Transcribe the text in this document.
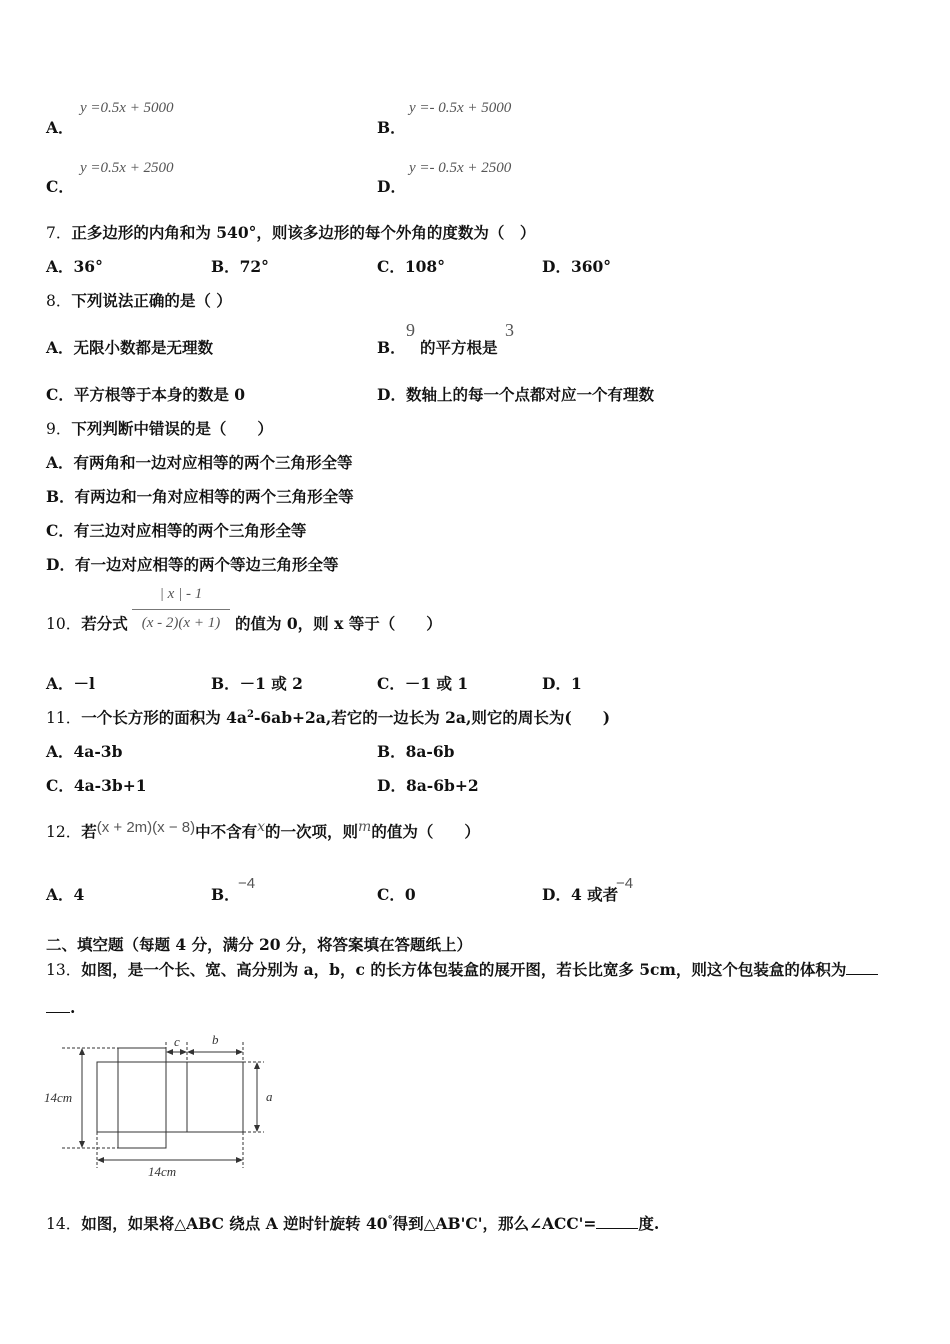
A．
y =0.5x + 5000
B．
y =- 0.5x + 5000
C．
y =0.5x + 2500
D．
y =- 0.5x + 2500
7．正多边形的内角和为 540°，则该多边形的每个外角的度数为（　）
A．36°	B．72°	C．108°	D．360°
8．下列说法正确的是（ ）
A．无限小数都是无理数	B．
9
的平方根是
3
C．平方根等于本身的数是 0	D．数轴上的每一个点都对应一个有理数
9．下列判断中错误的是（　　）
A．有两角和一边对应相等的两个三角形全等
B．有两边和一角对应相等的两个三角形全等
C．有三边对应相等的两个三角形全等
D．有一边对应相等的两个等边三角形全等
10．若分式
| x | - 1
(x - 2)(x + 1) 的值为 0，则 x 等于（　　）
A．－l	B．－1 或 2	C．－1 或 1	D．1
11．一个长方形的面积为 $4a^2-6ab+2a$,若它的一边长为 2a,则它的周长为(　　)
A．4a-3b	B．8a-6b
C．4a-3b+1	D．8a-6b+2
12．若(x + 2m)(x − 8)中不含有x的一次项，则m的值为（　　）
A．4	B．
−4
C．0	D．4 或者
−4
二、填空题（每题 4 分，满分 20 分，将答案填在答题纸上）
13．如图，是一个长、宽、高分别为 a，b，c 的长方体包装盒的展开图，若长比宽多 5cm，则这个包装盒的体积为
.
14cm
14cm
c b
a
14．如图，如果将△ABC 绕点 A 逆时针旋转 40°得到△AB'C'，那么∠ACC'=	度.
